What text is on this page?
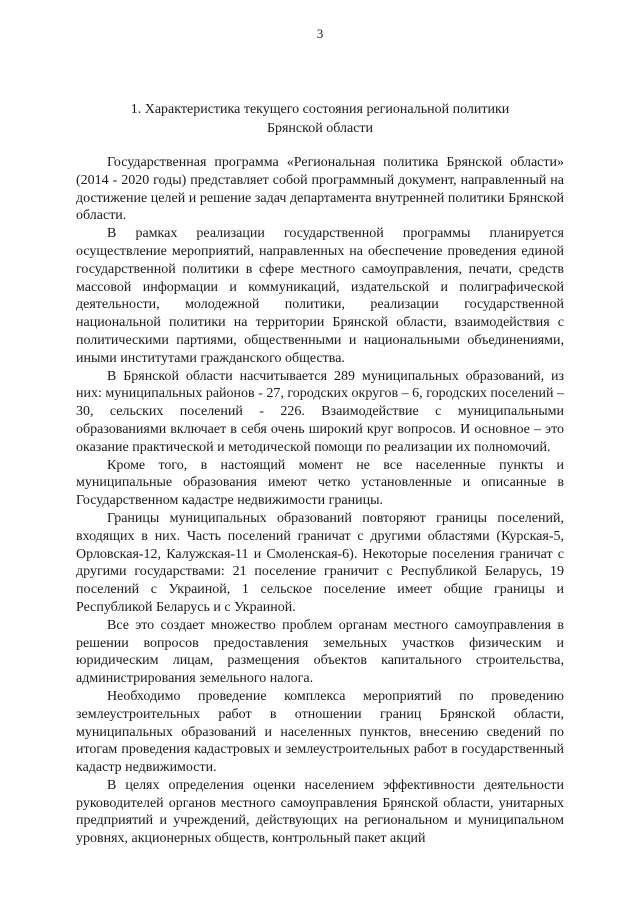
3
1. Характеристика текущего состояния региональной политики
Брянской области

Государственная программа «Региональная политика Брянской области» (2014 - 2020 годы) представляет собой программный документ, направленный на достижение целей и решение задач департамента внутренней политики Брянской области.

В рамках реализации государственной программы планируется осуществление мероприятий, направленных на обеспечение проведения единой государственной политики в сфере местного самоуправления, печати, средств массовой информации и коммуникаций, издательской и полиграфической деятельности, молодежной политики, реализации государственной национальной политики на территории Брянской области, взаимодействия с политическими партиями, общественными и национальными объединениями, иными институтами гражданского общества.

В Брянской области насчитывается 289 муниципальных образований, из них: муниципальных районов - 27, городских округов – 6, городских поселений – 30, сельских поселений - 226. Взаимодействие с муниципальными образованиями включает в себя очень широкий круг вопросов. И основное – это оказание практической и методической помощи по реализации их полномочий.

Кроме того, в настоящий момент не все населенные пункты и муниципальные образования имеют четко установленные и описанные в Государственном кадастре недвижимости границы.

Границы муниципальных образований повторяют границы поселений, входящих в них. Часть поселений граничат с другими областями (Курская-5, Орловская-12, Калужская-11 и Смоленская-6). Некоторые поселения граничат с другими государствами: 21 поселение граничит с Республикой Беларусь, 19 поселений с Украиной, 1 сельское поселение имеет общие границы и Республикой Беларусь и с Украиной.

Все это создает множество проблем органам местного самоуправления в решении вопросов предоставления земельных участков физическим и юридическим лицам, размещения объектов капитального строительства, администрирования земельного налога.

Необходимо проведение комплекса мероприятий по проведению землеустроительных работ в отношении границ Брянской области, муниципальных образований и населенных пунктов, внесению сведений по итогам проведения кадастровых и землеустроительных работ в государственный кадастр недвижимости.

В целях определения оценки населением эффективности деятельности руководителей органов местного самоуправления Брянской области, унитарных предприятий и учреждений, действующих на региональном и муниципальном уровнях, акционерных обществ, контрольный пакет акций
